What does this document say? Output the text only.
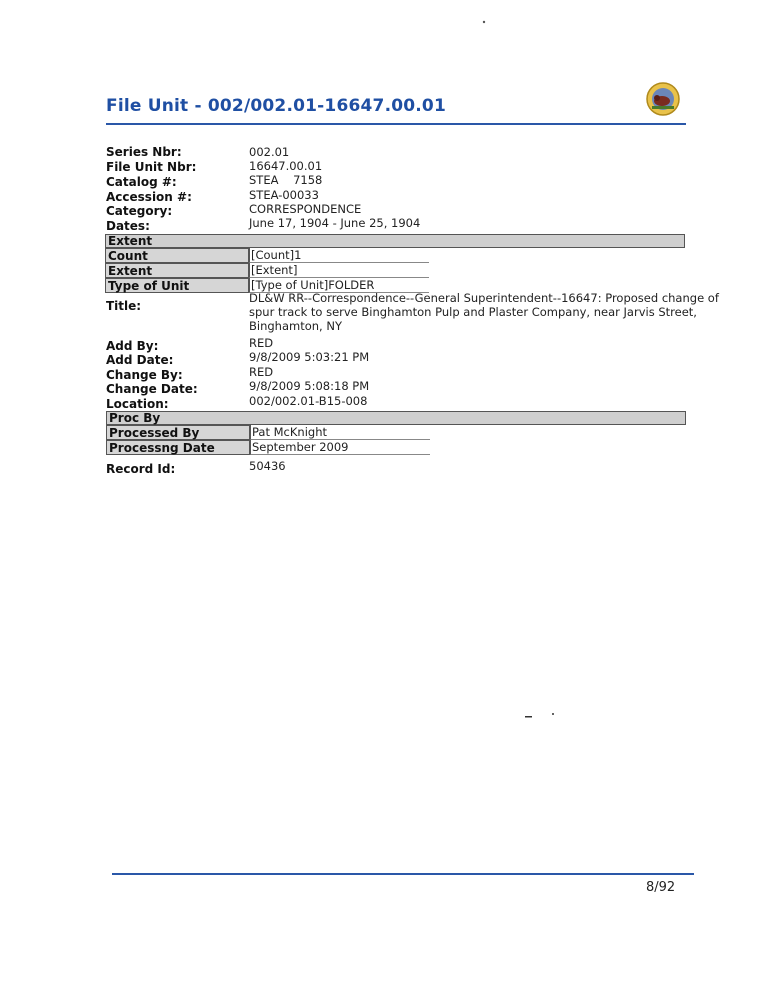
File Unit - 002/002.01-16647.00.01
Series Nbr:	002.01
File Unit Nbr:	16647.00.01
Catalog #:	STEA    7158
Accession #:	STEA-00033
Category:	CORRESPONDENCE
Dates:	June 17, 1904 - June 25, 1904
Extent
Count	[Count]1
Extent	[Extent]
Type of Unit	[Type of Unit]FOLDER
Title:
DL&W RR--Correspondence--General Superintendent--16647: Proposed change of
spur track to serve Binghamton Pulp and Plaster Company, near Jarvis Street,
Binghamton, NY
Add By:	RED
Add Date:	9/8/2009 5:03:21 PM
Change By:	RED
Change Date:	9/8/2009 5:08:18 PM
Location:	002/002.01-B15-008
Proc By
Processed By	Pat McKnight
Processng Date	September 2009
Record Id:	50436
8/92
